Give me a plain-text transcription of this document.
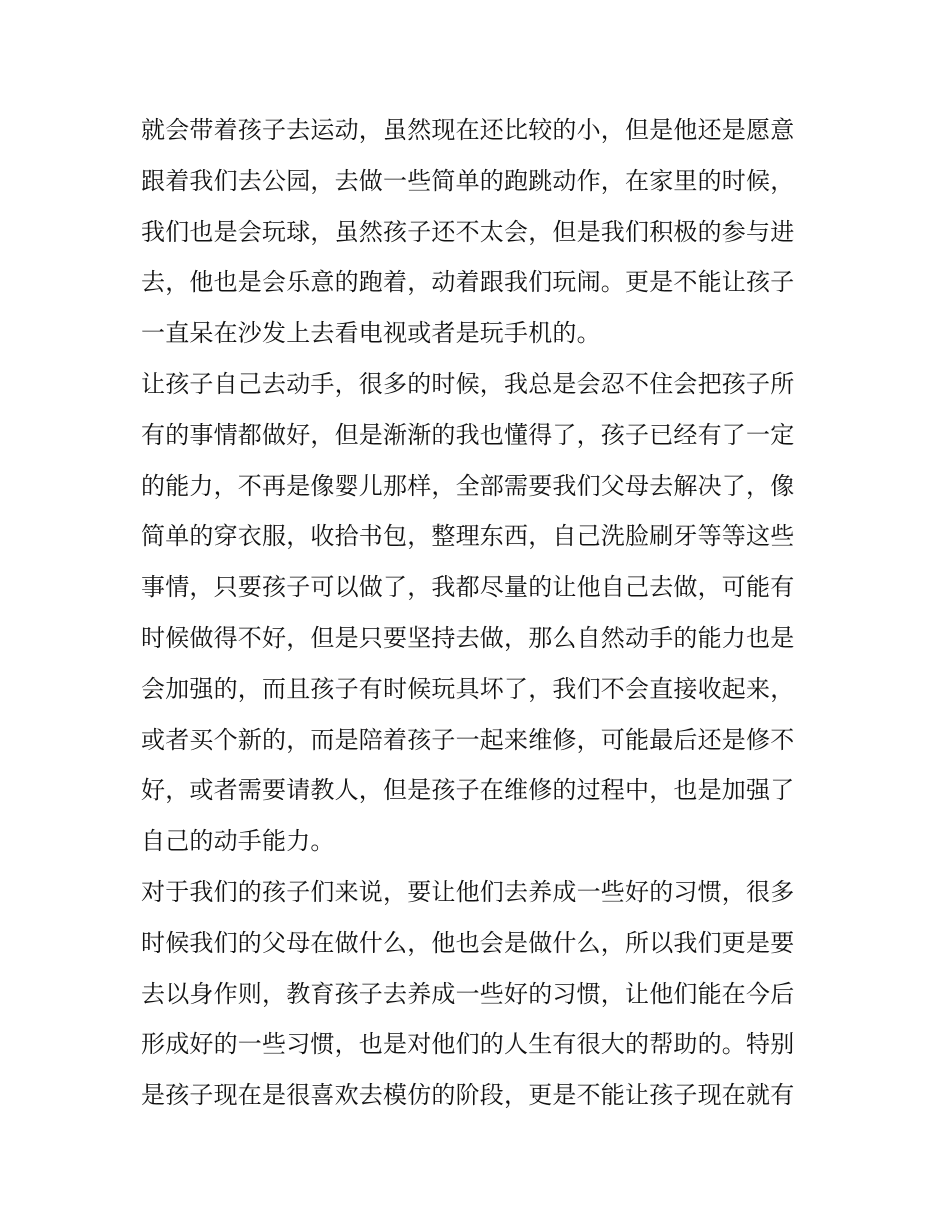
就会带着孩子去运动，虽然现在还比较的小，但是他还是愿意
跟着我们去公园，去做一些简单的跑跳动作，在家里的时候，
我们也是会玩球，虽然孩子还不太会，但是我们积极的参与进
去，他也是会乐意的跑着，动着跟我们玩闹。更是不能让孩子
一直呆在沙发上去看电视或者是玩手机的。
让孩子自己去动手，很多的时候，我总是会忍不住会把孩子所
有的事情都做好，但是渐渐的我也懂得了，孩子已经有了一定
的能力，不再是像婴儿那样，全部需要我们父母去解决了，像
简单的穿衣服，收拾书包，整理东西，自己洗脸刷牙等等这些
事情，只要孩子可以做了，我都尽量的让他自己去做，可能有
时候做得不好，但是只要坚持去做，那么自然动手的能力也是
会加强的，而且孩子有时候玩具坏了，我们不会直接收起来，
或者买个新的，而是陪着孩子一起来维修，可能最后还是修不
好，或者需要请教人，但是孩子在维修的过程中，也是加强了
自己的动手能力。
对于我们的孩子们来说，要让他们去养成一些好的习惯，很多
时候我们的父母在做什么，他也会是做什么，所以我们更是要
去以身作则，教育孩子去养成一些好的习惯，让他们能在今后
形成好的一些习惯，也是对他们的人生有很大的帮助的。特别
是孩子现在是很喜欢去模仿的阶段，更是不能让孩子现在就有
